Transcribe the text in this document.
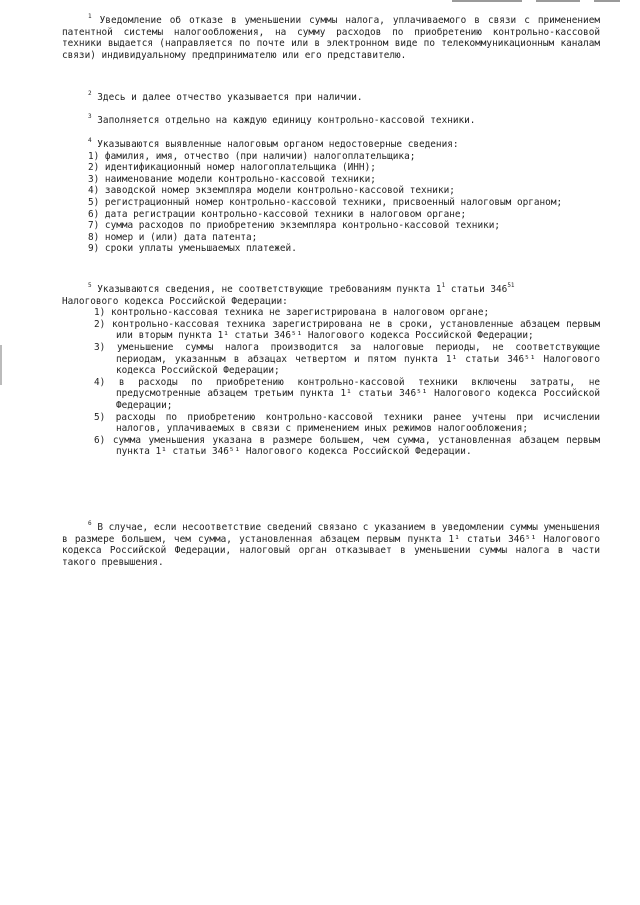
$^1$ Уведомление об отказе в уменьшении суммы налога, уплачиваемого в связи с применением патентной системы налогообложения, на сумму расходов по приобретению контрольно-кассовой техники выдается (направляется по почте или в электронном виде по телекоммуникационным каналам связи) индивидуальному предпринимателю или его представителю.

$^2$ Здесь и далее отчество указывается при наличии.

$^3$ Заполняется отдельно на каждую единицу контрольно-кассовой техники.

$^4$ Указываются выявленные налоговым органом недостоверные сведения:

1) фамилия, имя, отчество (при наличии) налогоплательщика;

2) идентификационный номер налогоплательщика (ИНН);

3) наименование модели контрольно-кассовой техники;

4) заводской номер экземпляра модели контрольно-кассовой техники;

5) регистрационный номер контрольно-кассовой техники, присвоенный налоговым органом;

6) дата регистрации контрольно-кассовой техники в налоговом органе;

7) сумма расходов по приобретению экземпляра контрольно-кассовой техники;

8) номер и (или) дата патента;

9) сроки уплаты уменьшаемых платежей.

$^5$ Указываются сведения, не соответствующие требованиям пункта $1^1$ статьи $346^{51}$

Налогового кодекса Российской Федерации:

1) контрольно-кассовая техника не зарегистрирована в налоговом органе;

2) контрольно-кассовая техника зарегистрирована не в сроки, установленные абзацем первым или вторым пункта 1¹ статьи 346⁵¹ Налогового кодекса Российской Федерации;

3) уменьшение суммы налога производится за налоговые периоды, не соответствующие периодам, указанным в абзацах четвертом и пятом пункта 1¹ статьи 346⁵¹ Налогового кодекса Российской Федерации;

4) в расходы по приобретению контрольно-кассовой техники включены затраты, не предусмотренные абзацем третьим пункта 1¹ статьи 346⁵¹ Налогового кодекса Российской Федерации;

5) расходы по приобретению контрольно-кассовой техники ранее учтены при исчислении налогов, уплачиваемых в связи с применением иных режимов налогообложения;

6) сумма уменьшения указана в размере большем, чем сумма, установленная абзацем первым пункта 1¹ статьи 346⁵¹ Налогового кодекса Российской Федерации.

$^6$ В случае, если несоответствие сведений связано с указанием в уведомлении суммы уменьшения в размере большем, чем сумма, установленная абзацем первым пункта 1¹ статьи 346⁵¹ Налогового кодекса Российской Федерации, налоговый орган отказывает в уменьшении суммы налога в части такого превышения.
